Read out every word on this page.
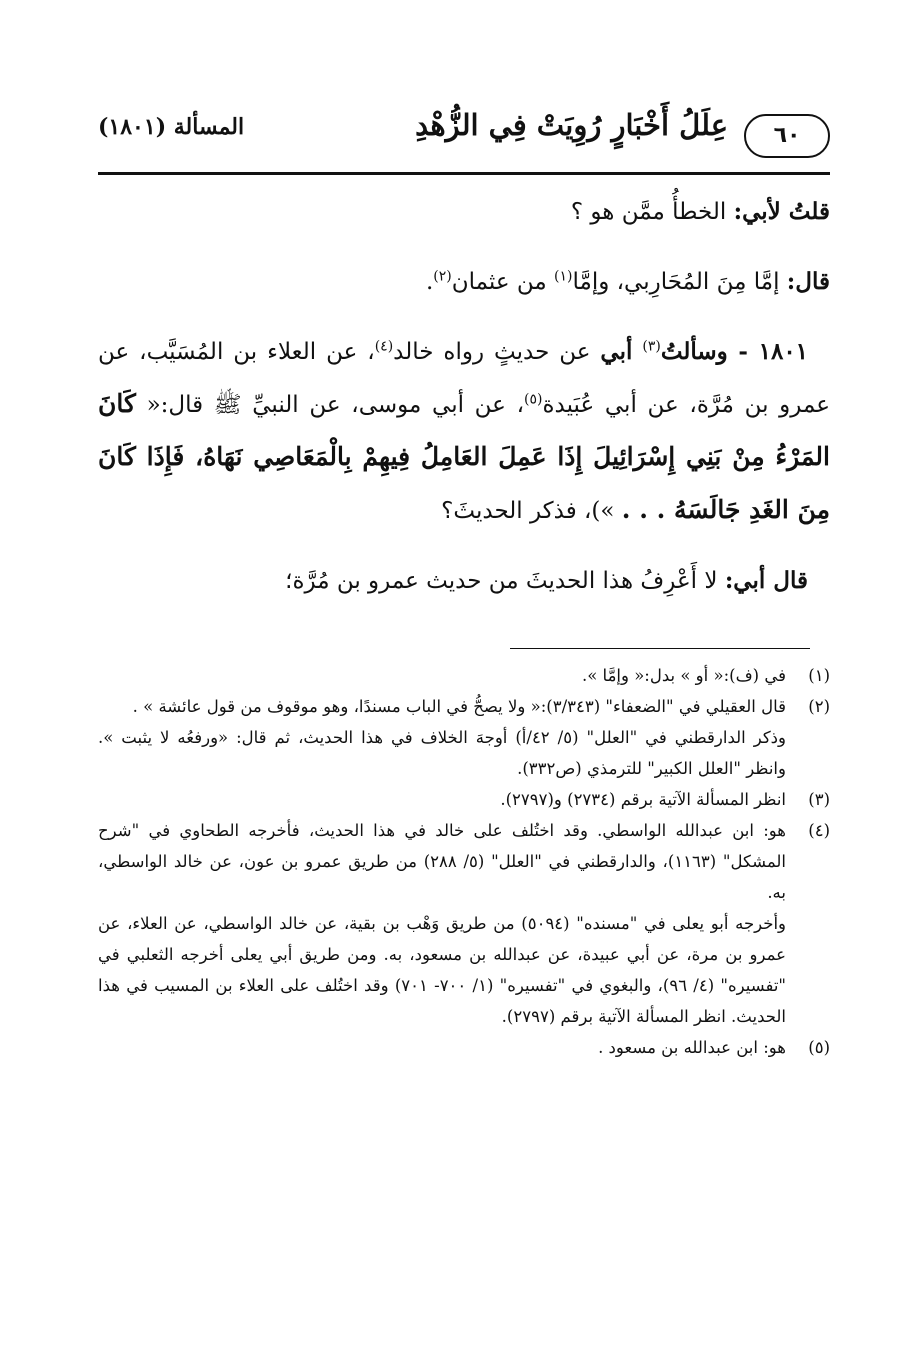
٦٠
عِلَلُ أَخْبَارٍ رُوِيَتْ فِي الزُّهْدِ
المسألة (١٨٠١)

قلتُ لأبي: الخطأُ ممَّن هو ؟

قال: إمَّا مِنَ المُحَارِبي، وإمَّا$^{(١)}$ من عثمان$^{(٢)}$.

١٨٠١ - وسألتُ$^{(٣)}$ أبي عن حديثٍ رواه خالد$^{(٤)}$، عن العلاء بن المُسَيَّب، عن عمرو بن مُرَّة، عن أبي عُبَيدة$^{(٥)}$، عن أبي موسى، عن النبيِّ ﷺ قال:« كَانَ المَرْءُ مِنْ بَنِي إِسْرَائِيلَ إِذَا عَمِلَ العَامِلُ فِيهِمْ بِالْمَعَاصِي نَهَاهُ، فَإِذَا كَانَ مِنَ الغَدِ جَالَسَهُ . . . »)، فذكر الحديثَ؟

قال أبي: لا أَعْرِفُ هذا الحديثَ من حديث عمرو بن مُرَّة؛

(١)

في (ف):« أو » بدل:« وإمَّا ».

(٢)

قال العقيلي في "الضعفاء" (٣/٣٤٣):« ولا يصحُّ في الباب مسندًا، وهو موقوف من قول عائشة » .

وذكر الدارقطني في "العلل" (٥/ ٤٢/أ) أوجهَ الخلاف في هذا الحديث، ثم قال: «ورفعُه لا يثبت ». وانظر "العلل الكبير" للترمذي (ص٣٣٢).

(٣)

انظر المسألة الآتية برقم (٢٧٣٤) و(٢٧٩٧).

(٤)

هو: ابن عبدالله الواسطي. وقد اختُلف على خالد في هذا الحديث، فأخرجه الطحاوي في "شرح المشكل" (١١٦٣)، والدارقطني في "العلل" (٥/ ٢٨٨) من طريق عمرو بن عون، عن خالد الواسطي، به.

وأخرجه أبو يعلى في "مسنده" (٥٠٩٤) من طريق وَهْب بن بقية، عن خالد الواسطي، عن العلاء، عن عمرو بن مرة، عن أبي عبيدة، عن عبدالله بن مسعود، به. ومن طريق أبي يعلى أخرجه الثعلبي في "تفسيره" (٤/ ٩٦)، والبغوي في "تفسيره" (١/ ٧٠٠- ٧٠١) وقد اختُلف على العلاء بن المسيب في هذا الحديث. انظر المسألة الآتية برقم (٢٧٩٧).

(٥)

هو: ابن عبدالله بن مسعود .
